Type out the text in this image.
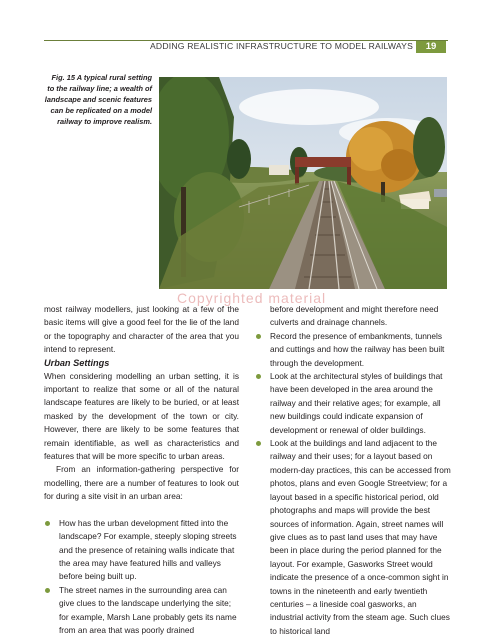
ADDING REALISTIC INFRASTRUCTURE TO MODEL RAILWAYS	19
Fig. 15 A typical rural setting to the railway line; a wealth of landscape and scenic features can be replicated on a model railway to improve realism.
Copyrighted material

most railway modellers, just looking at a few of the basic items will give a good feel for the lie of the land or the topography and character of the area that you intend to represent.

Urban Settings

When considering modelling an urban setting, it is important to realize that some or all of the natural landscape features are likely to be buried, or at least masked by the development of the town or city. However, there are likely to be some features that remain identifiable, as well as characteristics and features that will be more specific to urban areas.

From an information-gathering perspective for modelling, there are a number of features to look out for during a site visit in an urban area:

How has the urban development fitted into the landscape? For example, steeply sloping streets and the presence of retaining walls indicate that the area may have featured hills and valleys before being built up.
The street names in the surrounding area can give clues to the landscape underlying the site; for example, Marsh Lane probably gets its name from an area that was poorly drained

before development and might therefore need culverts and drainage channels.

Record the presence of embankments, tunnels and cuttings and how the railway has been built through the development.
Look at the architectural styles of buildings that have been developed in the area around the railway and their relative ages; for example, all new buildings could indicate expansion of development or renewal of older buildings.
Look at the buildings and land adjacent to the railway and their uses; for a layout based on modern-day practices, this can be accessed from photos, plans and even Google Streetview; for a layout based in a specific historical period, old photographs and maps will provide the best sources of information. Again, street names will give clues as to past land uses that may have been in place during the period planned for the layout. For example, Gasworks Street would indicate the presence of a once-common sight in towns in the nineteenth and early twentieth centuries – a lineside coal gasworks, an industrial activity from the steam age. Such clues to historical land
